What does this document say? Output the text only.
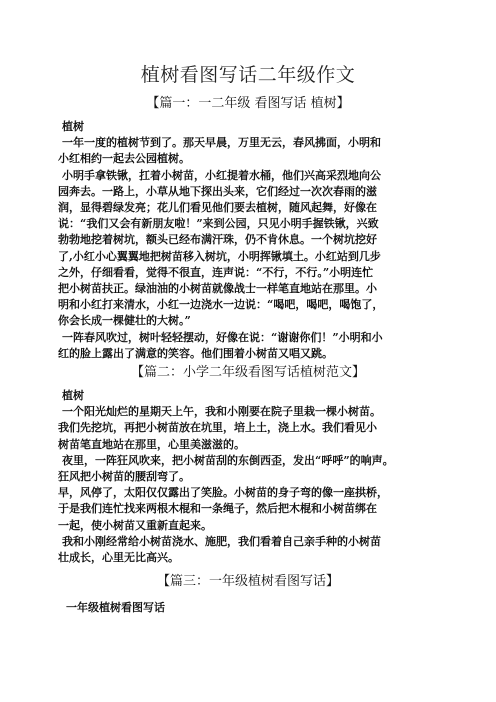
植树看图写话二年级作文
【篇一：一二年级 看图写话 植树】

植树

一年一度的植树节到了。那天早晨，万里无云，春风拂面，小明和

小红相约一起去公园植树。

小明手拿铁锹，扛着小树苗，小红提着水桶，他们兴高采烈地向公

园奔去。一路上，小草从地下探出头来，它们经过一次次春雨的滋

润，显得碧绿发亮；花儿们看见他们要去植树，随风起舞，好像在

说：“我们又会有新朋友啦！”来到公园，只见小明手握铁锹，兴致

勃勃地挖着树坑，额头已经布满汗珠，仍不肯休息。一个树坑挖好

了,小红小心翼翼地把树苗移入树坑，小明挥锹填土。小红站到几步

之外，仔细看看，觉得不很直，连声说：“不行，不行。”小明连忙

把小树苗扶正。绿油油的小树苗就像战士一样笔直地站在那里。小

明和小红打来清水，小红一边浇水一边说：“喝吧，喝吧，喝饱了，

你会长成一棵健壮的大树。”

一阵春风吹过，树叶轻轻摆动，好像在说：“谢谢你们！”小明和小

红的脸上露出了满意的笑容。他们围着小树苗又唱又跳。

【篇二：小学二年级看图写话植树范文】

植树

一个阳光灿烂的星期天上午，我和小刚要在院子里栽一棵小树苗。

我们先挖坑，再把小树苗放在坑里，培上土，浇上水。我们看见小

树苗笔直地站在那里，心里美滋滋的。

夜里，一阵狂风吹来，把小树苗刮的东倒西歪，发出“呼呼”的响声。

狂风把小树苗的腰刮弯了。

早，风停了，太阳仅仅露出了笑脸。小树苗的身子弯的像一座拱桥，

于是我们连忙找来两根木棍和一条绳子，然后把木棍和小树苗绑在

一起，使小树苗又重新直起来。

我和小刚经常给小树苗浇水、施肥，我们看着自己亲手种的小树苗

壮成长，心里无比高兴。

【篇三：一年级植树看图写话】

一年级植树看图写话
